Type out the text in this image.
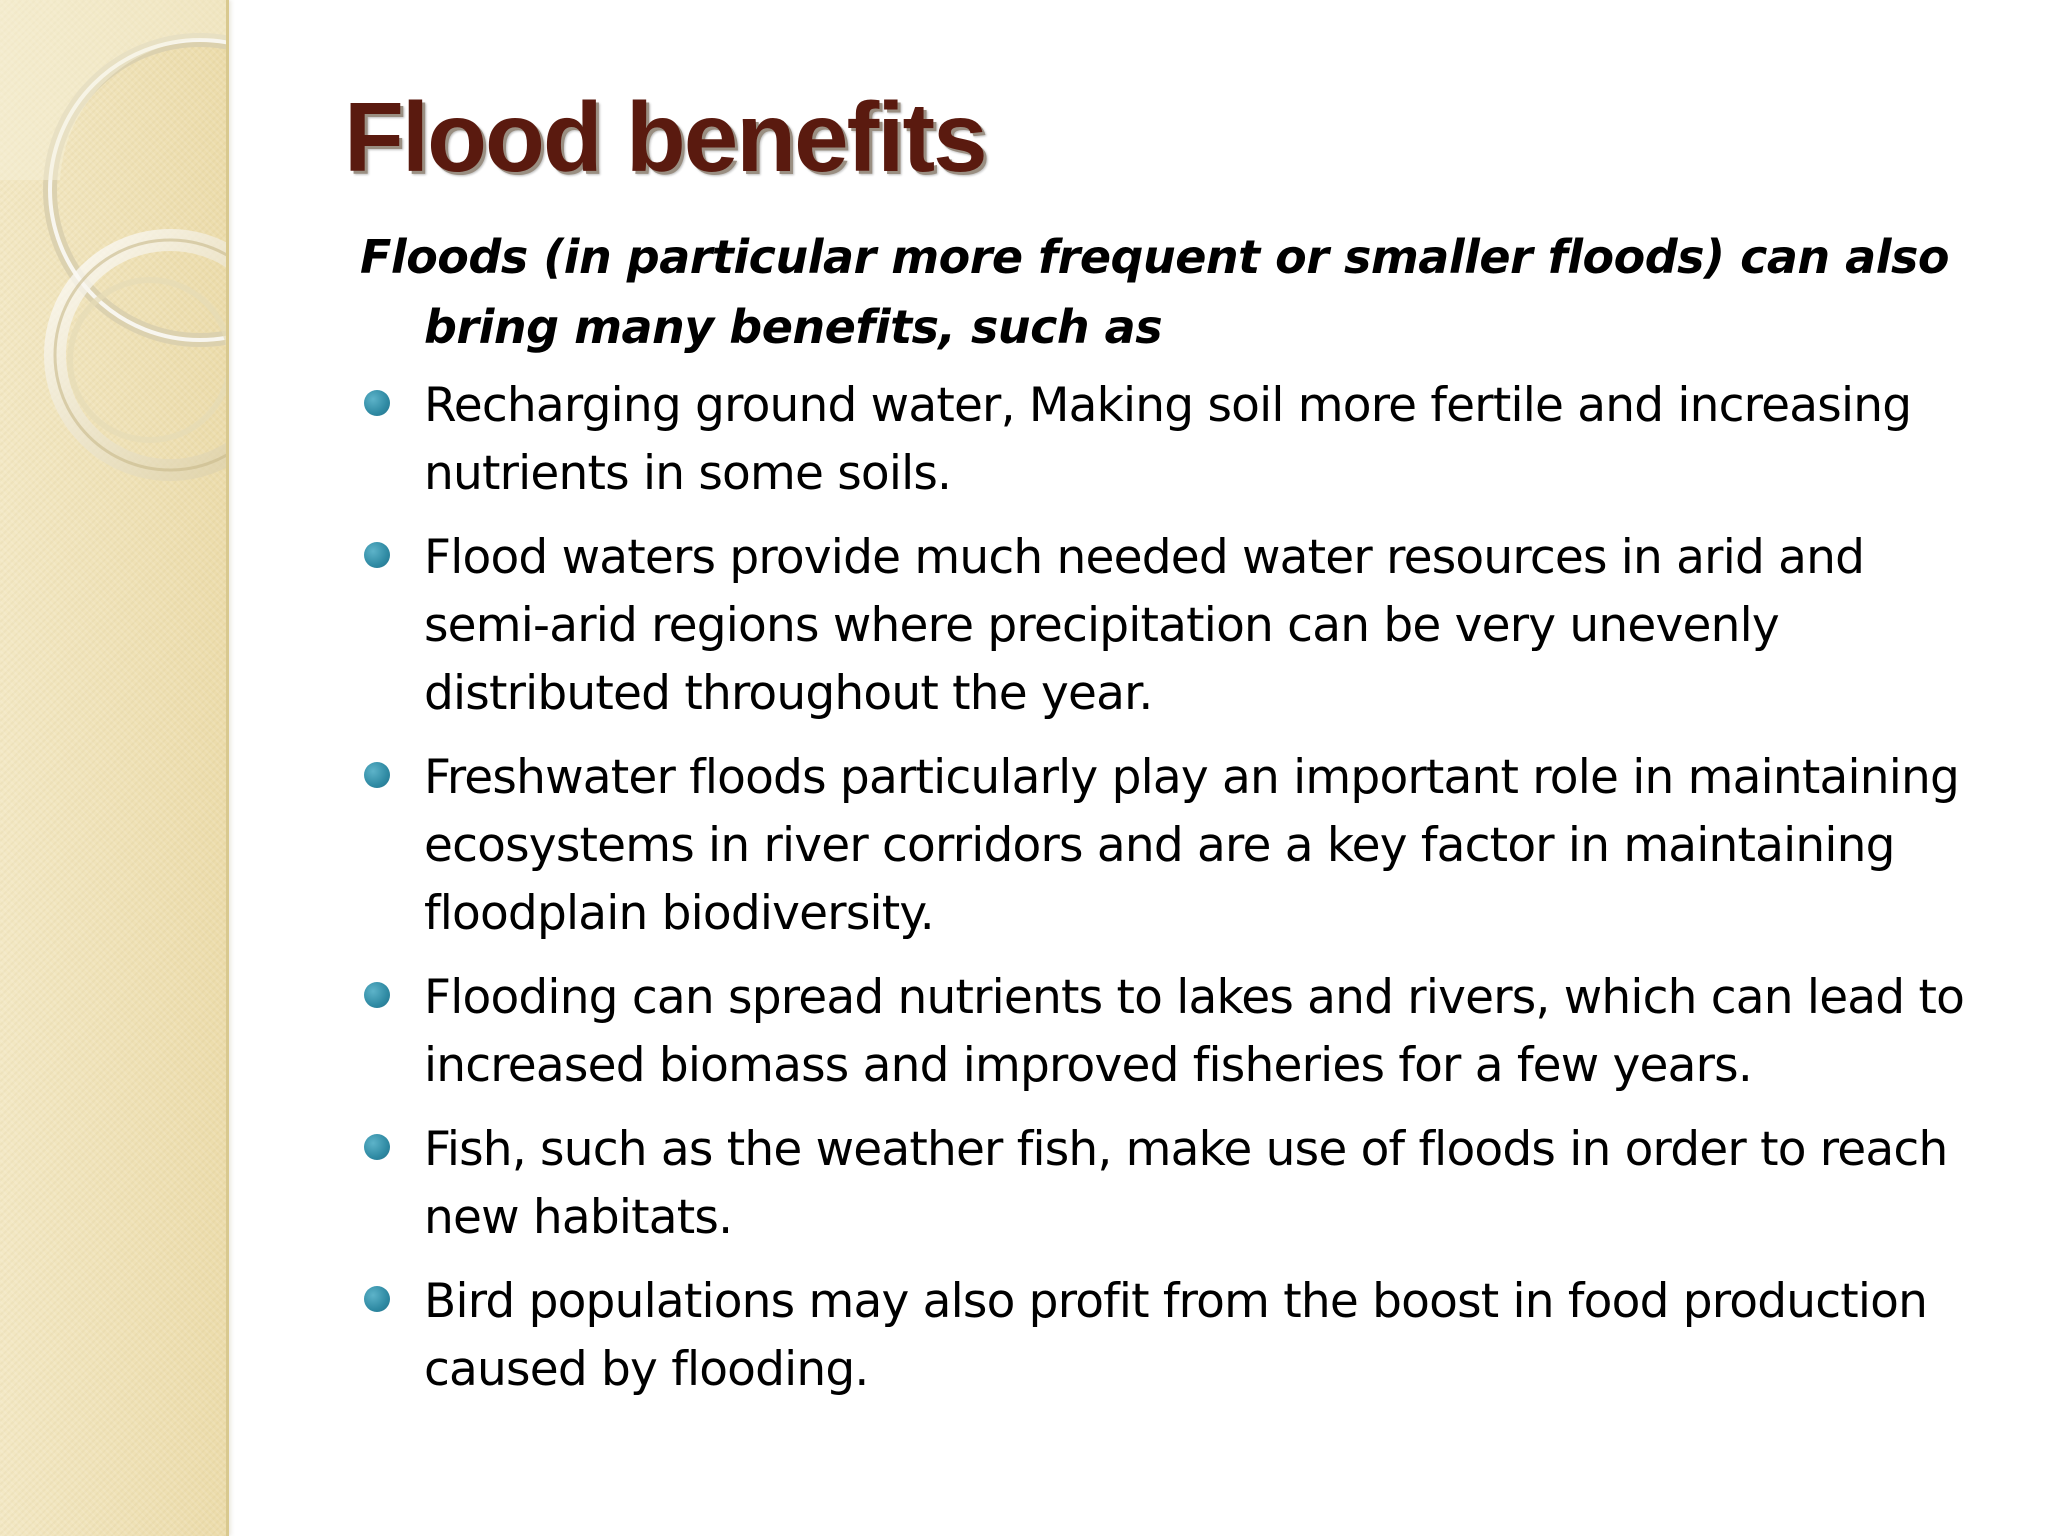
Flood benefits

Floods (in particular more frequent or smaller floods) can also bring many benefits, such as

Recharging ground water, Making soil more fertile and increasing nutrients in some soils.
Flood waters provide much needed water resources in arid and semi-arid regions where precipitation can be very unevenly distributed throughout the year.
Freshwater floods particularly play an important role in maintaining ecosystems in river corridors and are a key factor in maintaining floodplain biodiversity.
Flooding can spread nutrients to lakes and rivers, which can lead to increased biomass and improved fisheries for a few years.
Fish, such as the weather fish, make use of floods in order to reach new habitats.
Bird populations may also profit from the boost in food production caused by flooding.
